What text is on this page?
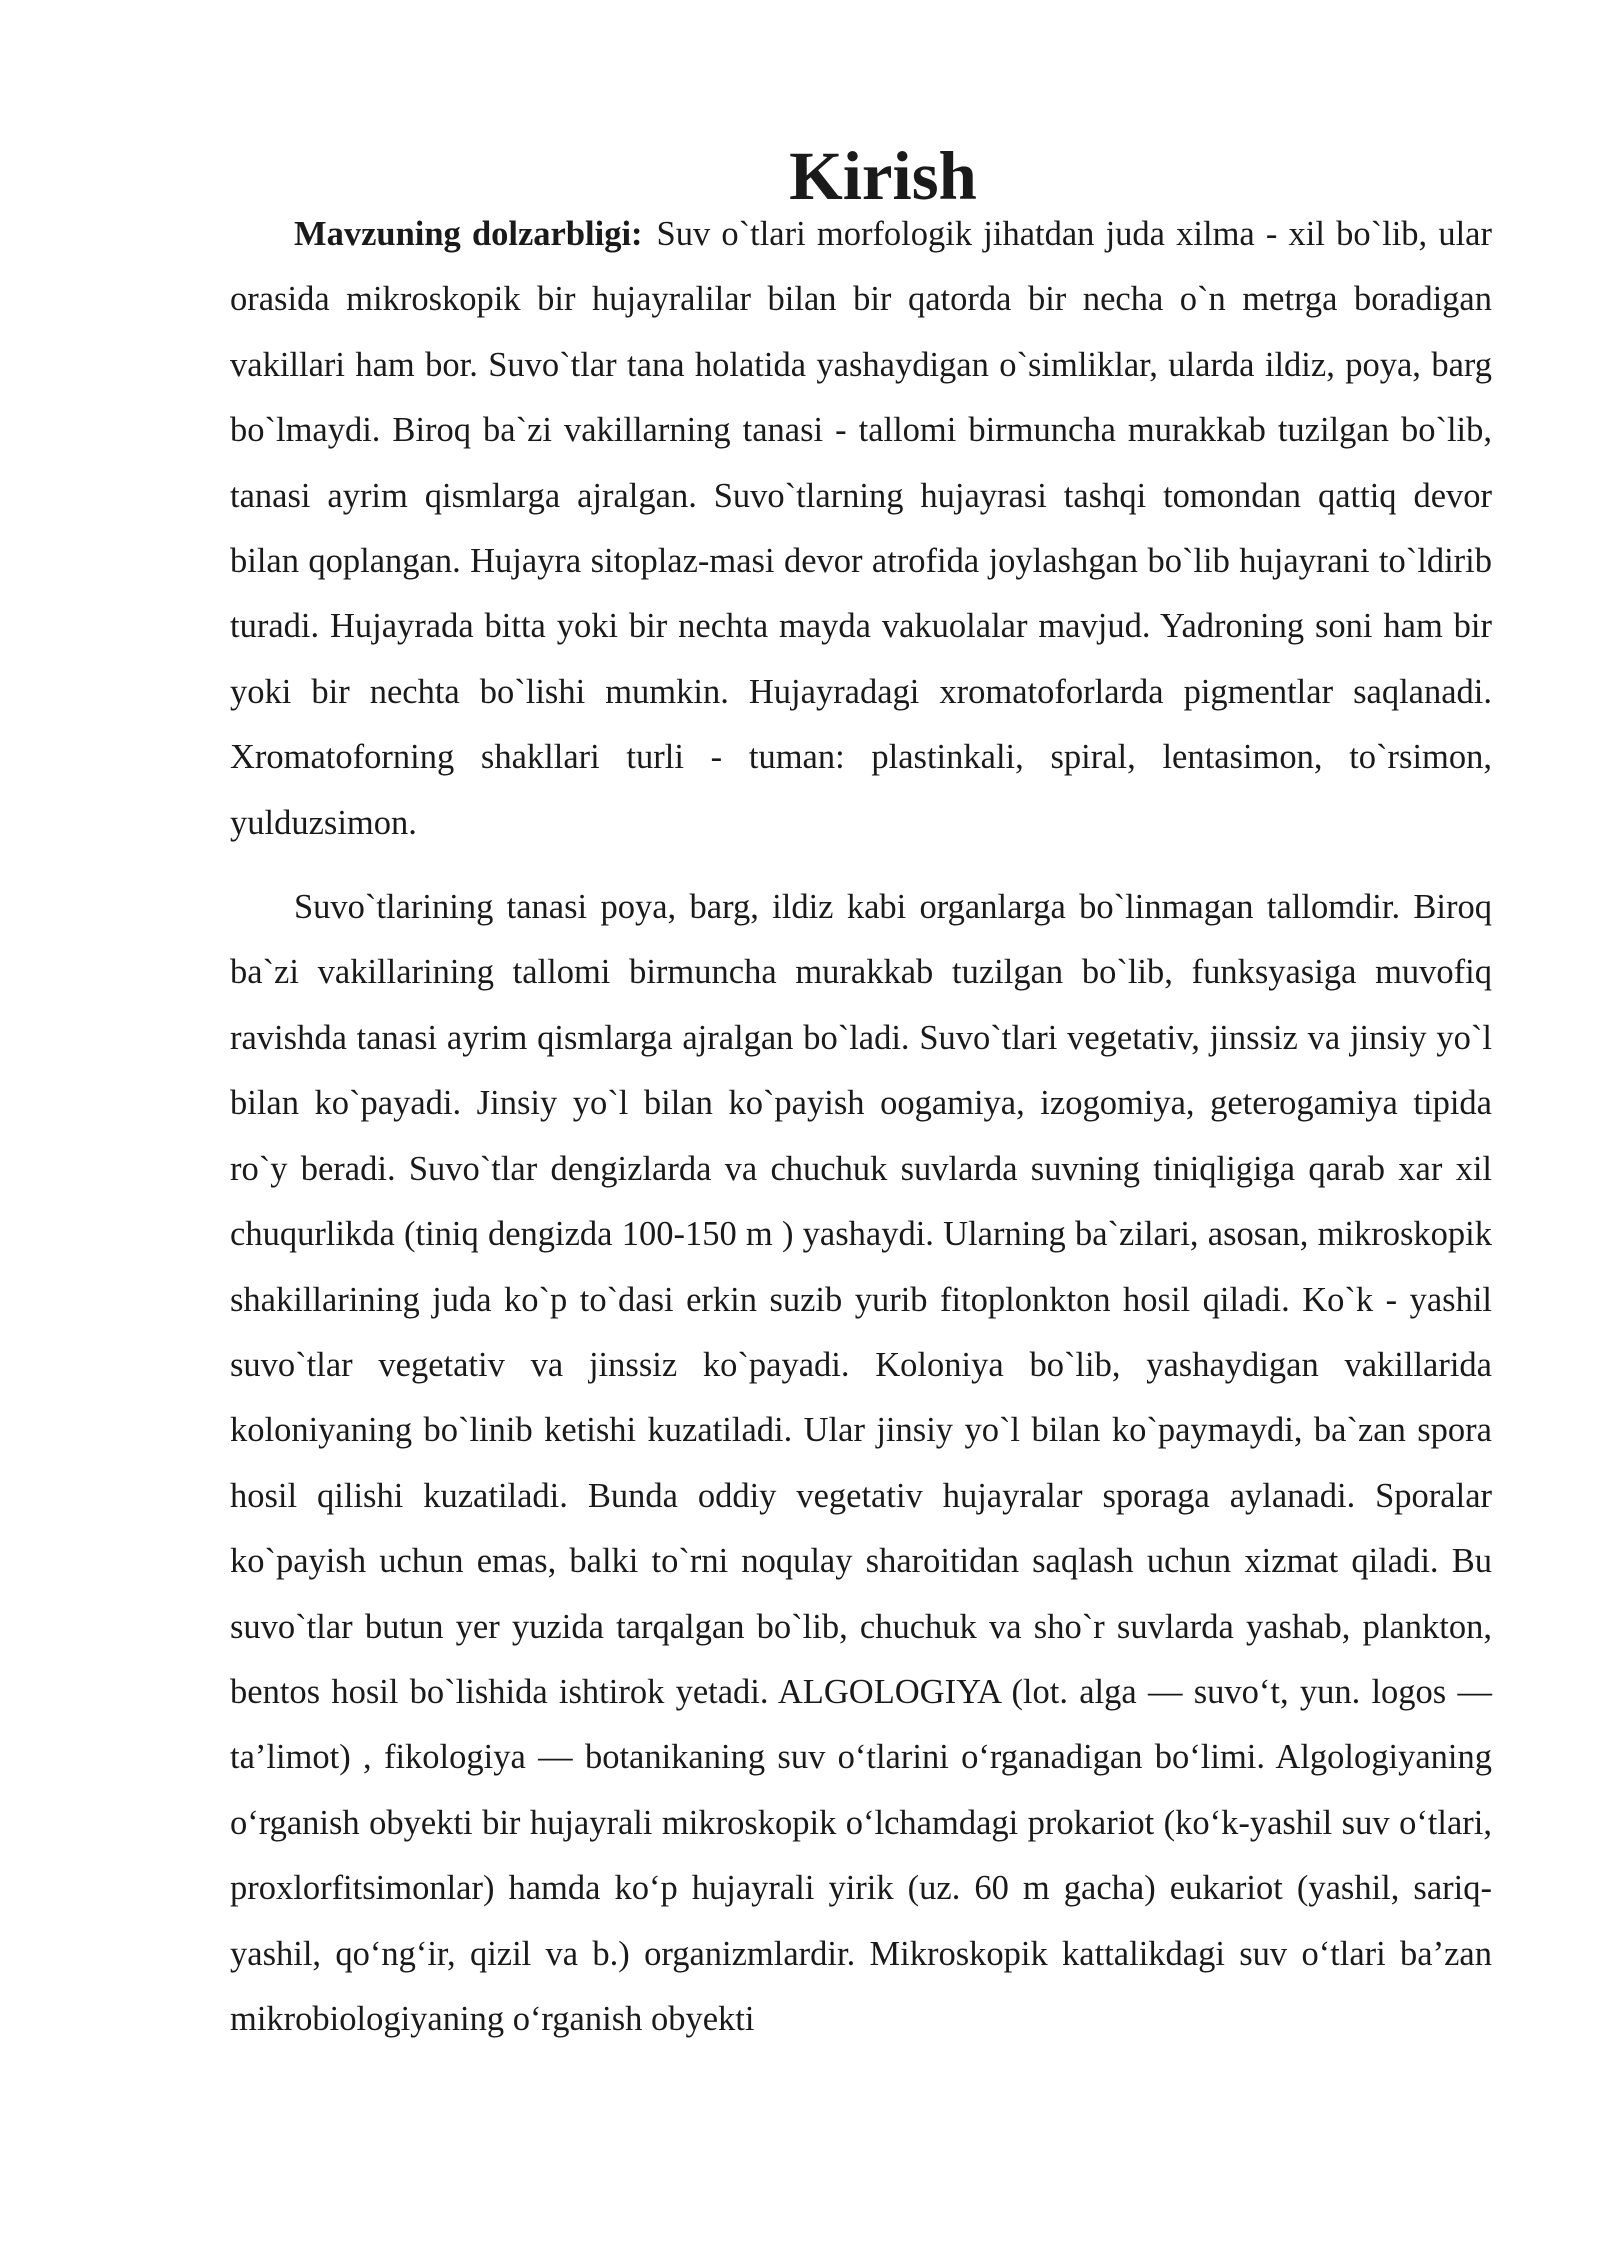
Kirish

Mavzuning dolzarbligi: Suv o`tlari morfologik jihatdan juda xilma - xil bo`lib, ular orasida mikroskopik bir hujayralilar bilan bir qatorda bir necha o`n metrga boradigan vakillari ham bor. Suvo`tlar tana holatida yashaydigan o`simliklar, ularda ildiz, poya, barg bo`lmaydi. Biroq ba`zi vakillarning tanasi - tallomi birmuncha murakkab tuzilgan bo`lib, tanasi ayrim qismlarga ajralgan. Suvo`tlarning hujayrasi tashqi tomondan qattiq devor bilan qoplangan. Hujayra sitoplaz-masi devor atrofida joylashgan bo`lib hujayrani to`ldirib turadi. Hujayrada bitta yoki bir nechta mayda vakuolalar mavjud. Yadroning soni ham bir yoki bir nechta bo`lishi mumkin. Hujayradagi xromatoforlarda pigmentlar saqlanadi. Xromatoforning shakllari turli - tuman: plastinkali, spiral, lentasimon, to`rsimon, yulduzsimon.

Suvo`tlarining tanasi poya, barg, ildiz kabi organlarga bo`linmagan tallomdir. Biroq ba`zi vakillarining tallomi birmuncha murakkab tuzilgan bo`lib, funksyasiga muvofiq ravishda tanasi ayrim qismlarga ajralgan bo`ladi. Suvo`tlari vegetativ, jinssiz va jinsiy yo`l bilan ko`payadi. Jinsiy yo`l bilan ko`payish oogamiya, izogomiya, geterogamiya tipida ro`y beradi. Suvo`tlar dengizlarda va chuchuk suvlarda suvning tiniqligiga qarab xar xil chuqurlikda (tiniq dengizda 100-150 m ) yashaydi. Ularning ba`zilari, asosan, mikroskopik shakillarining juda ko`p to`dasi erkin suzib yurib fitoplonkton hosil qiladi. Ko`k - yashil suvo`tlar vegetativ va jinssiz ko`payadi. Koloniya bo`lib, yashaydigan vakillarida koloniyaning bo`linib ketishi kuzatiladi. Ular jinsiy yo`l bilan ko`paymaydi, ba`zan spora hosil qilishi kuzatiladi. Bunda oddiy vegetativ hujayralar sporaga aylanadi. Sporalar ko`payish uchun emas, balki to`rni noqulay sharoitidan saqlash uchun xizmat qiladi. Bu suvo`tlar butun yer yuzida tarqalgan bo`lib, chuchuk va sho`r suvlarda yashab, plankton, bentos hosil bo`lishida ishtirok yetadi. ALGOLOGIYA (lot. alga — suvo‘t, yun. logos — ta’limot) , fikologiya — botanikaning suv o‘tlarini o‘rganadigan bo‘limi. Algologiyaning o‘rganish obyekti bir hujayrali mikroskopik o‘lchamdagi prokariot (ko‘k-yashil suv o‘tlari, proxlorfitsimonlar) hamda ko‘p hujayrali yirik (uz. 60 m gacha) eukariot (yashil, sariq-yashil, qo‘ng‘ir, qizil va b.) organizmlardir. Mikroskopik kattalikdagi suv o‘tlari ba’zan mikrobiologiyaning o‘rganish obyekti
